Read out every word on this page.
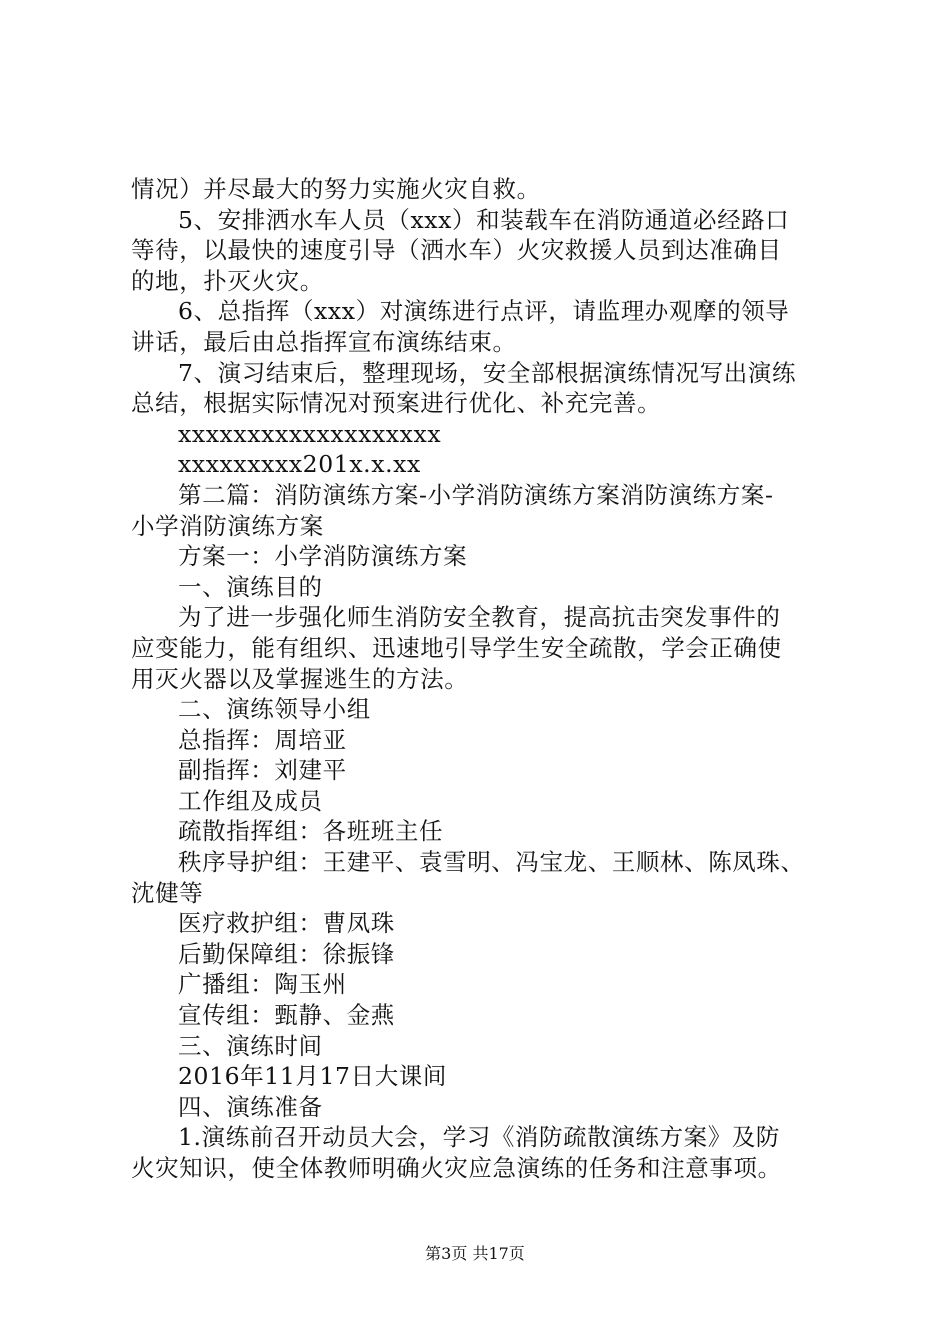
情况）并尽最大的努力实施火灾自救。
5、安排洒水车人员（xxx）和装载车在消防通道必经路口
等待，以最快的速度引导（洒水车）火灾救援人员到达准确目
的地，扑灭火灾。
6、总指挥（xxx）对演练进行点评，请监理办观摩的领导
讲话，最后由总指挥宣布演练结束。
7、演习结束后，整理现场，安全部根据演练情况写出演练
总结，根据实际情况对预案进行优化、补充完善。
xxxxxxxxxxxxxxxxxxx
xxxxxxxxx201x.x.xx
第二篇：消防演练方案-小学消防演练方案消防演练方案-
小学消防演练方案
方案一：小学消防演练方案
一、演练目的
为了进一步强化师生消防安全教育，提高抗击突发事件的
应变能力，能有组织、迅速地引导学生安全疏散，学会正确使
用灭火器以及掌握逃生的方法。
二、演练领导小组
总指挥：周培亚
副指挥：刘建平
工作组及成员
疏散指挥组：各班班主任
秩序导护组：王建平、袁雪明、冯宝龙、王顺林、陈凤珠、
沈健等
医疗救护组：曹凤珠
后勤保障组：徐振锋
广播组：陶玉州
宣传组：甄静、金燕
三、演练时间
2016年11月17日大课间
四、演练准备
1.演练前召开动员大会，学习《消防疏散演练方案》及防
火灾知识，使全体教师明确火灾应急演练的任务和注意事项。
第3页 共17页
